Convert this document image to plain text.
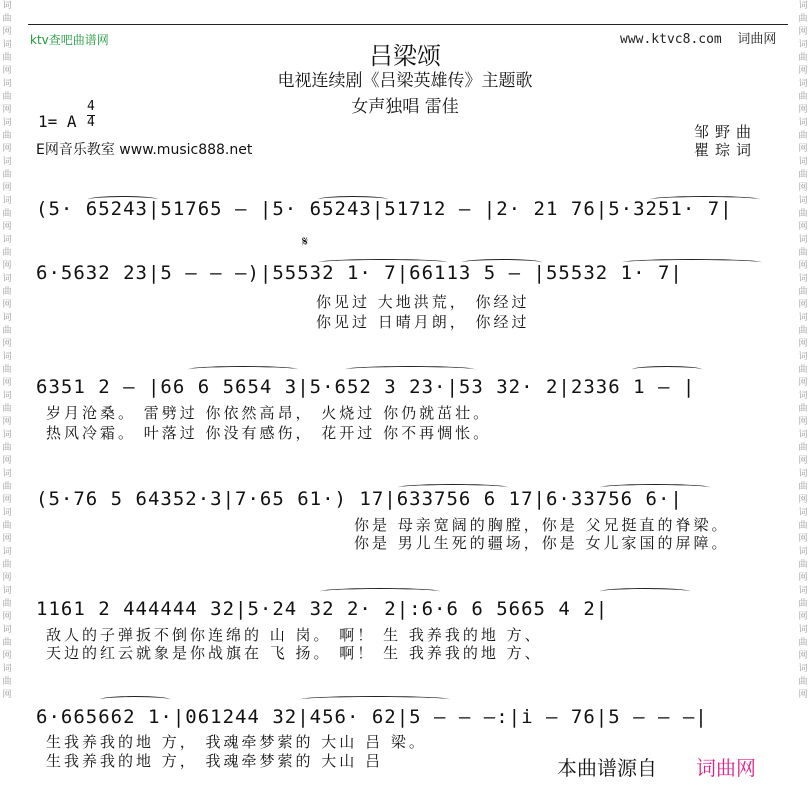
词曲网词曲网词曲网词曲网词曲网词曲网词曲网词曲网词曲网词曲网词曲网词曲网词曲网词曲网词曲网词曲网词曲网词曲网
词曲网词曲网词曲网词曲网词曲网词曲网词曲网词曲网词曲网词曲网词曲网词曲网词曲网词曲网词曲网词曲网词曲网词曲网
ktv查吧曲谱网	www.ktvc8.com  词曲网
吕梁颂
电视连续剧《吕梁英雄传》主题歌
女声独唱 雷佳
1= A
4
4
E网音乐教室 www.music888.net
邹野曲
瞿琮词
(5· 65243|51765 — |5· 65243|51712 — |2· 21 76|5·3251· 7|
𝄋
6·5632 23|5 — — —)|55532 1· 7|66113 5 — |55532 1· 7|
你见过 大地洪荒， 你经过
你见过 日晴月朗， 你经过
6351 2 — |66 6 5654 3|5·652 3 23·|53 32· 2|2336 1 — |
岁月沧桑。 雷劈过 你依然高昂， 火烧过 你仍就茁壮。
热风冷霜。 叶落过 你没有感伤， 花开过 你不再惆怅。
(5·76 5 64352·3|7·65 61·) 17|633756 6 17|6·33756 6·|
你是 母亲宽阔的胸膛，你是 父兄挺直的脊梁。
你是 男儿生死的疆场，你是 女儿家国的屏障。
1161 2 444444 32|5·24 32 2· 2|:6·6 6 5665 4 2|
敌人的子弹扳不倒你连绵的 山 岗。 啊！ 生 我养我的地 方、
天边的红云就象是你战旗在 飞 扬。 啊！ 生 我养我的地 方、
6·665662 1·|061244 32|456· 62|5 — — —:|i — 76|5 — — —|
生我养我的地 方， 我魂牵梦萦的 大山 吕 梁。
生我养我的地 方， 我魂牵梦萦的 大山 吕	本曲谱源自 词曲网
